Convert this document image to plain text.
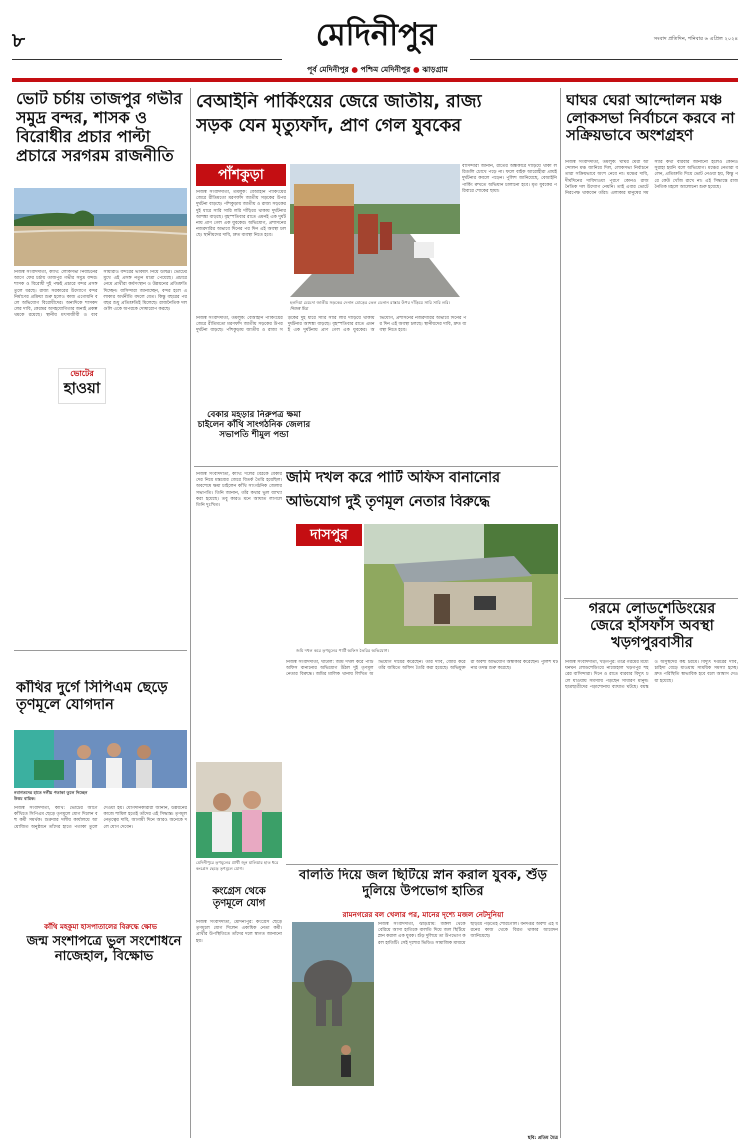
৮	মেদিনীপুর	সংবাদ প্রতিদিন, শনিবার ৬ এপ্রিল ২০২৪
পূর্ব মেদিনীপুর ● পশ্চিম মেদিনীপুর ● ঝাড়গ্রাম
ভোট চর্চায় তাজপুর গভীর সমুদ্র বন্দর, শাসক ও বিরোধীর প্রচার পাল্টা প্রচারে সরগরম রাজনীতি
নিজস্ব সংবাদদাতা, কাঁথি: লোকসভা নির্বাচনের আগে ফের চর্চায় তাজপুর গভীর সমুদ্র বন্দর। শাসক ও বিরোধী দুই পক্ষই প্রচারে বন্দর প্রসঙ্গ তুলে ধরছে। রাজ্য সরকারের উদ্যোগে বন্দর নির্মাণের প্রক্রিয়া শুরু হলেও কাজ এগোয়নি বলে অভিযোগ বিরোধীদের। অন্যদিকে শাসকদলের দাবি, কেন্দ্রের অসহযোগিতার জন্যই প্রকল্প থমকে রয়েছে। স্থানীয় মৎস্যজীবী ও ব্যবসায়ীরাও বন্দরের ভবিষ্যৎ নিয়ে উদ্বিগ্ন। ভোটের মুখে এই প্রসঙ্গ নতুন মাত্রা পেয়েছে। প্রচারে নেমে প্রার্থীরা কর্মসংস্থান ও উন্নয়নের প্রতিশ্রুতি দিচ্ছেন। বাসিন্দারা জানাচ্ছেন, বন্দর হলে এলাকার অর্থনীতি বদলে যেত। কিন্তু বছরের পর বছর শুধু প্রতিশ্রুতিই মিলেছে। রাজনৈতিক দলগুলি একে অপরকে দোষারোপ করছে।
ভোটের
হাওয়া
কাঁথির দুর্গে সিপিএম ছেড়ে তৃণমূলে যোগদান
নবাগতদের হাতে দলীয় পতাকা তুলে দিচ্ছেন উত্তম বারিক।
নিজস্ব সংবাদদাতা, কাঁথি: ভোটের আগে কাঁথিতে সিপিএম ছেড়ে তৃণমূলে যোগ দিলেন বহু কর্মী সমর্থক। শুক্রবার দলীয় কার্যালয়ে আয়োজিত অনুষ্ঠানে তাঁদের হাতে পতাকা তুলে দেওয়া হয়। যোগদানকারীরা জানান, উন্নয়নের কাজে শামিল হতেই তাঁদের এই সিদ্ধান্ত। তৃণমূল নেতৃত্বের দাবি, আগামী দিনে আরও অনেকে দলে যোগ দেবেন।
কাঁথি মহকুমা হাসপাতালের বিরুদ্ধে ক্ষোভ
জন্ম সংশাপত্রে ভুল সংশোধনে নাজেহাল, বিক্ষোভ
বেআইনি পার্কিংয়ের জেরে জাতীয়, রাজ্য
সড়ক যেন মৃত্যুফাঁদ, প্রাণ গেল যুবকের
পাঁশকুড়া
নিজস্ব সংবাদদাতা, তমলুক: বেআইনি পার্কিংয়ের জেরে রীতিমতো মরণফাঁদ জাতীয় সড়কের উপর দুর্ঘটনা বাড়ছে। পাঁশকুড়ায় জাতীয় ও রাজ্য সড়কের দুই ধারে সারি সারি লরি দাঁড়িয়ে থাকায় দুর্ঘটনার আশঙ্কা বাড়ছে। বৃহস্পতিবার রাতে এমনই এক দুর্ঘটনায় প্রাণ গেল এক যুবকের। অভিযোগ, প্রশাসনের নজরদারির অভাবে দিনের পর দিন এই অবস্থা চলছে। স্থানীয়দের দাবি, দ্রুত ব্যবস্থা নিতে হবে।
বাসিন্দারা জানান, রাতের অন্ধকারে দাঁড়িয়ে থাকা লরিগুলি চোখে পড়ে না। ফলে বাইক আরোহীরা প্রায়ই দুর্ঘটনার কবলে পড়েন। পুলিশ জানিয়েছে, বেআইনি পার্কিং রুখতে অভিযান চালানো হবে। মৃত যুবকের পরিবারে শোকের ছায়া।
হলদিয়া মেচেদা জাতীয় সড়কের দেনান মোড়ের তেল ডেনান রাস্তার উপর দাঁড়িয়ে সারি সারি লরি। নিজস্ব চিত্র
নিজস্ব সংবাদদাতা, তমলুক: বেআইনি পার্কিংয়ের জেরে রীতিমতো মরণফাঁদ জাতীয় সড়কের উপর দুর্ঘটনা বাড়ছে। পাঁশকুড়ায় জাতীয় ও রাজ্য সড়কের দুই ধারে সারি সারি লরি দাঁড়িয়ে থাকায় দুর্ঘটনার আশঙ্কা বাড়ছে। বৃহস্পতিবার রাতে এমনই এক দুর্ঘটনায় প্রাণ গেল এক যুবকের। অভিযোগ, প্রশাসনের নজরদারির অভাবে দিনের পর দিন এই অবস্থা চলছে। স্থানীয়দের দাবি, দ্রুত ব্যবস্থা নিতে হবে।
বেকার মহড়ার নিরুপত্র ক্ষমা চাইলেন কাঁথি সাংগঠনিক জেলার সভাপতি শীমুল পন্ডা
জমি দখল করে পার্টি অফিস বানানোর
অভিযোগ দুই তৃণমূল নেতার বিরুদ্ধে
নিজস্ব সংবাদদাতা, কাঁথি: দলের বৈঠকে বেকারদের নিয়ে মন্তব্যের জেরে বিতর্ক তৈরি হয়েছিল। অবশেষে ক্ষমা চাইলেন কাঁথি সাংগঠনিক জেলার সভাপতি। তিনি জানান, তাঁর কথার ভুল ব্যাখ্যা করা হয়েছে। তবু কারও মনে আঘাত লাগলে তিনি দুঃখিত।
দাসপুর
জমি দখল করে তৃণমূলের পার্টি অফিস তৈরির অভিযোগ।
নিজস্ব সংবাদদাতা, ঘাটাল: জমি দখল করে পার্টি অফিস বানানোর অভিযোগ উঠল দুই তৃণমূল নেতার বিরুদ্ধে। জমির মালিক থানায় লিখিত অভিযোগ দায়ের করেছেন। তাঁর দাবি, জোর করে তাঁর জমিতে অফিস তৈরি করা হয়েছে। অভিযুক্তরা অবশ্য অভিযোগ অস্বীকার করেছেন। পুলিশ ঘটনার তদন্ত শুরু করেছে।
মেদিনীপুরে তৃণমূলের প্রার্থী জুন মালিয়ার হাত ধরে কংগ্রেস ছেড়ে তৃণমূলে যোগ।
কংগ্রেস থেকে তৃণমূলে যোগ
নিজস্ব সংবাদদাতা, মেদিনীপুর: কংগ্রেস ছেড়ে তৃণমূলে যোগ দিলেন একাধিক নেতা কর্মী। প্রার্থীর উপস্থিতিতে তাঁদের দলে স্বাগত জানানো হয়।
বালতি দিয়ে জল ছিটিয়ে স্নান করাল যুবক, শুঁড় দুলিয়ে উপভোগ হাতির
রামনগরের বল খেলার পর, মানের দৃশ্যে মজল নেটদুনিয়া
নিজস্ব সংবাদদাতা, ঝাড়গ্রাম: জঙ্গল থেকে বেরিয়ে আসা হাতিকে বালতি দিয়ে জল ছিটিয়ে স্নান করাল এক যুবক। শুঁড় দুলিয়ে তা উপভোগ করল হাতিটি। সেই দৃশ্যের ভিডিও সামাজিক মাধ্যমে ছড়িয়ে পড়তেই শোরগোল। বনদপ্তর অবশ্য এই ধরনের কাজ থেকে বিরত থাকার আবেদন জানিয়েছে।
ছবি: প্রতিম মৈত্র
ঘাঘর ঘেরা আন্দোলন মঞ্চ লোকসভা নির্বাচনে করবে না সক্রিয়ভাবে অংশগ্রহণ
নিজস্ব সংবাদদাতা, তমলুক: ঘাঘর ঘেরা আন্দোলন মঞ্চ জানিয়ে দিল, লোকসভা নির্বাচনে তারা সক্রিয়ভাবে অংশ নেবে না। মঞ্চের দাবি, দীর্ঘদিনের দাবিদাওয়া পূরণে কোনও রাজনৈতিক দল উদ্যোগ নেয়নি। তাই এবার ভোটে নিরপেক্ষ থাকবেন তাঁরা। এলাকার মানুষের সমস্যার কথা বারবার জানানো হলেও কোনও সুরাহা হয়নি বলে অভিযোগ। মঞ্চের নেতারা বলেন, প্রতিশ্রুতি দিয়ে ভোট নেওয়া হয়, কিন্তু পরে কেউ খোঁজ রাখে না। এই সিদ্ধান্তে রাজনৈতিক মহলে আলোচনা শুরু হয়েছে।
গরমে লোডশেডিংয়ের জেরে হাঁসফাঁস অবস্থা খড়গপুরবাসীর
নিজস্ব সংবাদদাতা, খড়গপুর: তীব্র গরমের মধ্যে ঘনঘন লোডশেডিংয়ে নাজেহাল খড়গপুর শহরের বাসিন্দারা। দিনে ও রাতে বারবার বিদ্যুৎ চলে যাওয়ায় সমস্যায় পড়ছেন সাধারণ মানুষ। ছাত্রছাত্রীদের পড়াশোনায় ব্যাঘাত ঘটছে। বয়স্ক ও অসুস্থদের কষ্ট চরমে। বিদ্যুৎ দপ্তরের দাবি, চাহিদা বেড়ে যাওয়ায় সাময়িক সমস্যা হচ্ছে। দ্রুত পরিস্থিতি স্বাভাবিক হবে বলে আশ্বাস দেওয়া হয়েছে।
